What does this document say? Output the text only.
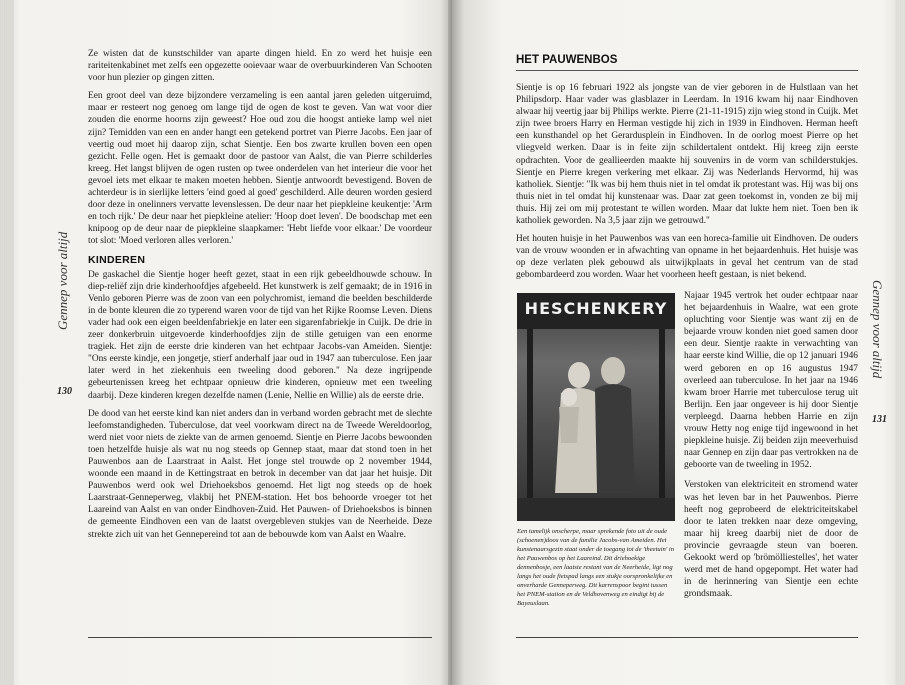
Gennep voor altijd
130

Ze wisten dat de kunstschilder van aparte dingen hield. En zo werd het huisje een rariteitenkabinet met zelfs een opgezette ooievaar waar de overbuurkinderen Van Schooten voor hun plezier op gingen zitten.

Een groot deel van deze bijzondere verzameling is een aantal jaren geleden uitgeruimd, maar er resteert nog genoeg om lange tijd de ogen de kost te geven. Van wat voor dier zouden die enorme hoorns zijn geweest? Hoe oud zou die hoogst antieke lamp wel niet zijn? Temidden van een en ander hangt een getekend portret van Pierre Jacobs. Een jaar of veertig oud moet hij daarop zijn, schat Sientje. Een bos zwarte krullen boven een open gezicht. Felle ogen. Het is gemaakt door de pastoor van Aalst, die van Pierre schilderles kreeg. Het langst blijven de ogen rusten op twee onderdelen van het interieur die voor het gevoel iets met elkaar te maken moeten hebben. Sientje antwoordt bevestigend. Boven de achterdeur is in sierlijke letters 'eind goed al goed' geschilderd. Alle deuren worden gesierd door deze in onelinners vervatte levenslessen. De deur naar het piepkleine keukentje: 'Arm en toch rijk.' De deur naar het piepkleine atelier: 'Hoop doet leven'. De boodschap met een knipoog op de deur naar de piepkleine slaapkamer: 'Hebt liefde voor elkaar.' De voordeur tot slot: 'Moed verloren alles verloren.'

KINDEREN

De gaskachel die Sientje hoger heeft gezet, staat in een rijk gebeeldhouwde schouw. In diep-reliëf zijn drie kinderhoofdjes afgebeeld. Het kunstwerk is zelf gemaakt; de in 1916 in Venlo geboren Pierre was de zoon van een polychromist, iemand die beelden beschilderde in de bonte kleuren die zo typerend waren voor de tijd van het Rijke Roomse Leven. Diens vader had ook een eigen beeldenfabriekje en later een sigarenfabriekje in Cuijk. De drie in zeer donkerbruin uitgevoerde kinderhoofdjes zijn de stille getuigen van een enorme tragiek. Het zijn de eerste drie kinderen van het echtpaar Jacobs-van Ameiden. Sientje: "Ons eerste kindje, een jongetje, stierf anderhalf jaar oud in 1947 aan tuberculose. Een jaar later werd in het ziekenhuis een tweeling dood geboren." Na deze ingrijpende gebeurtenissen kreeg het echtpaar opnieuw drie kinderen, opnieuw met een tweeling daarbij. Deze kinderen kregen dezelfde namen (Lenie, Nellie en Willie) als de eerste drie.

De dood van het eerste kind kan niet anders dan in verband worden gebracht met de slechte leefomstandigheden. Tuberculose, dat veel voorkwam direct na de Tweede Wereldoorlog, werd niet voor niets de ziekte van de armen genoemd. Sientje en Pierre Jacobs bewoonden toen hetzelfde huisje als wat nu nog steeds op Gennep staat, maar dat stond toen in het Pauwenbos aan de Laarstraat in Aalst. Het jonge stel trouwde op 2 november 1944, woonde een maand in de Kettingstraat en betrok in december van dat jaar het huisje. Dit Pauwenbos werd ook wel Driehoeksbos genoemd. Het ligt nog steeds op de hoek Laarstraat-Genneperweg, vlakbij het PNEM-station. Het bos behoorde vroeger tot het Laareind van Aalst en van onder Eindhoven-Zuid. Het Pauwen- of Driehoeksbos is binnen de gemeente Eindhoven een van de laatst overgebleven stukjes van de Neerheide. Deze strekte zich uit van het Gennepereind tot aan de bebouwde kom van Aalst en Waalre.

HET PAUWENBOS

Sientje is op 16 februari 1922 als jongste van de vier geboren in de Hulstlaan van het Philipsdorp. Haar vader was glasblazer in Leerdam. In 1916 kwam hij naar Eindhoven alwaar hij veertig jaar bij Philips werkte. Pierre (21-11-1915) zijn wieg stond in Cuijk. Met zijn twee broers Harry en Herman vestigde hij zich in 1939 in Eindhoven. Herman heeft een kunsthandel op het Gerarduspleín in Eindhoven. In de oorlog moest Pierre op het vliegveld werken. Daar is in feite zijn schildertalent ontdekt. Hij kreeg zijn eerste opdrachten. Voor de geallieerden maakte hij souvenirs in de vorm van schilderstukjes. Sientje en Pierre kregen verkering met elkaar. Zij was Nederlands Hervormd, hij was katholiek. Sientje: "Ik was bij hem thuis niet in tel omdat ik protestant was. Hij was bij ons thuis niet in tel omdat hij kunstenaar was. Daar zat geen toekomst in, vonden ze bij mij thuis. Hij zei om mij protestant te willen worden. Maar dat lukte hem niet. Toen ben ik katholiek geworden. Na 3,5 jaar zijn we getrouwd."

Het houten huisje in het Pauwenbos was van een horeca-familie uit Eindhoven. De ouders van de vrouw woonden er in afwachting van opname in het bejaardenhuis. Het huisje was op deze verlaten plek gebouwd als uitwijkplaats in geval het centrum van de stad gebombardeerd zou worden. Waar het voorheen heeft gestaan, is niet bekend.

HESCHENKERY
Een tamelijk onscherpe, maar sprekende foto uit de oude (schoenen)doos van de familie Jacobs-van Ameiden. Het kunstenaarsgezin staat onder de toegang tot de 'theetuin' in het Pauwenbos op het Laareind. Dit driehoekige dennenbosje, een laatste restant van de Neerheide, ligt nog langs het oude fietspad langs een stukje oorspronkelijke en onverharde Genneperweg. Dit karrenspoor begint tussen het PNEM-station en de Veldhovenweg en eindigt bij de Bayeuxlaan.

Najaar 1945 vertrok het ouder echtpaar naar het bejaardenhuis in Waalre, wat een grote opluchting voor Sientje was want zij en de bejaarde vrouw konden niet goed samen door een deur. Sientje raakte in verwachting van haar eerste kind Willie, die op 12 januari 1946 werd geboren en op 16 augustus 1947 overleed aan tuberculose. In het jaar na 1946 kwam broer Harrie met tuberculose terug uit Berlijn. Een jaar ongeveer is hij door Sientje verpleegd. Daarna hebben Harrie en zijn vrouw Hetty nog enige tijd ingewoond in het piepkleine huisje. Zij beiden zijn meeverhuisd naar Gennep en zijn daar pas vertrokken na de geboorte van de tweeling in 1952.

Verstoken van elektriciteit en stromend water was het leven bar in het Pauwenbos. Pierre heeft nog geprobeerd de elektriciteitskabel door te laten trekken naar deze omgeving, maar hij kreeg daarbij niet de door de provincie gevraagde steun van boeren. Gekookt werd op 'brömölliestelles', het water werd met de hand opgepompt. Het water had in de herinnering van Sientje een echte grondsmaak.

Gennep voor altijd
131
